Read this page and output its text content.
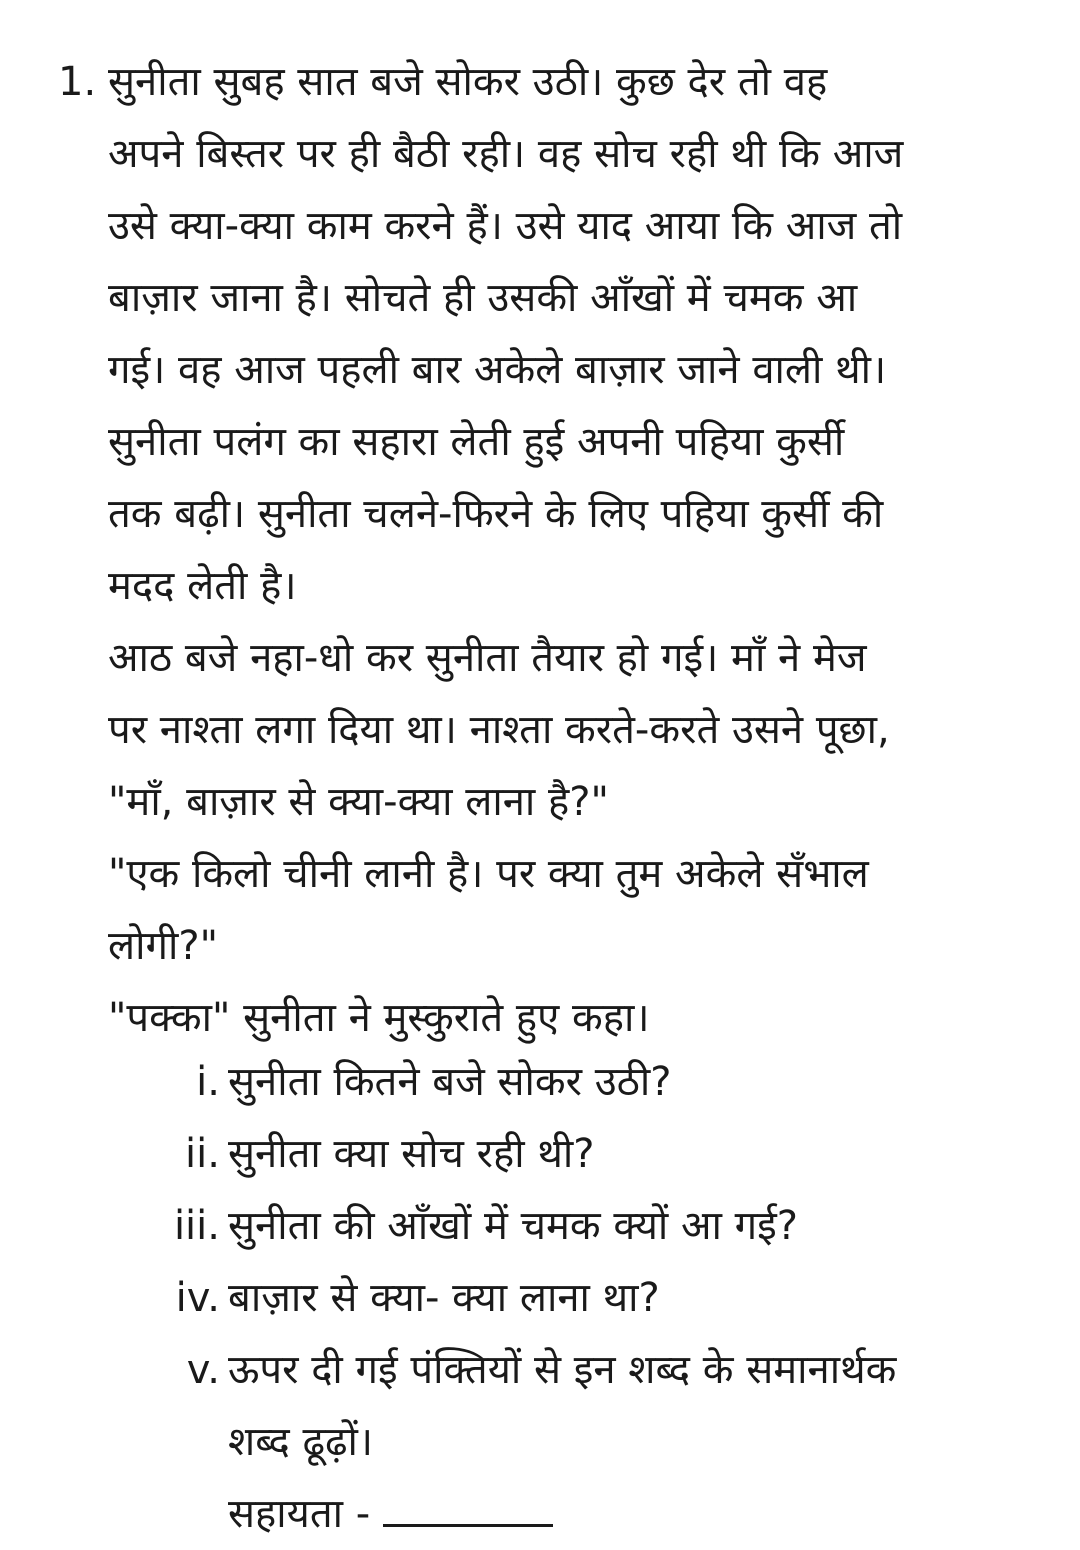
1. सुनीता सुबह सात बजे सोकर उठी। कुछ देर तो वह
अपने बिस्तर पर ही बैठी रही। वह सोच रही थी कि आज
उसे क्या-क्या काम करने हैं। उसे याद आया कि आज तो
बाज़ार जाना है। सोचते ही उसकी आँखों में चमक आ
गई। वह आज पहली बार अकेले बाज़ार जाने वाली थी।
सुनीता पलंग का सहारा लेती हुई अपनी पहिया कुर्सी
तक बढ़ी। सुनीता चलने-फिरने के लिए पहिया कुर्सी की
मदद लेती है।
आठ बजे नहा-धो कर सुनीता तैयार हो गई। माँ ने मेज
पर नाश्ता लगा दिया था। नाश्ता करते-करते उसने पूछा,
"माँ, बाज़ार से क्या-क्या लाना है?"
"एक किलो चीनी लानी है। पर क्या तुम अकेले सँभाल
लोगी?"
"पक्का" सुनीता ने मुस्कुराते हुए कहा।
i. सुनीता कितने बजे सोकर उठी?
ii. सुनीता क्या सोच रही थी?
iii. सुनीता की आँखों में चमक क्यों आ गई?
iv. बाज़ार से क्या- क्या लाना था?
v. ऊपर दी गई पंक्तियों से इन शब्द के समानार्थक
शब्द ढूढ़ों।
सहायता -
